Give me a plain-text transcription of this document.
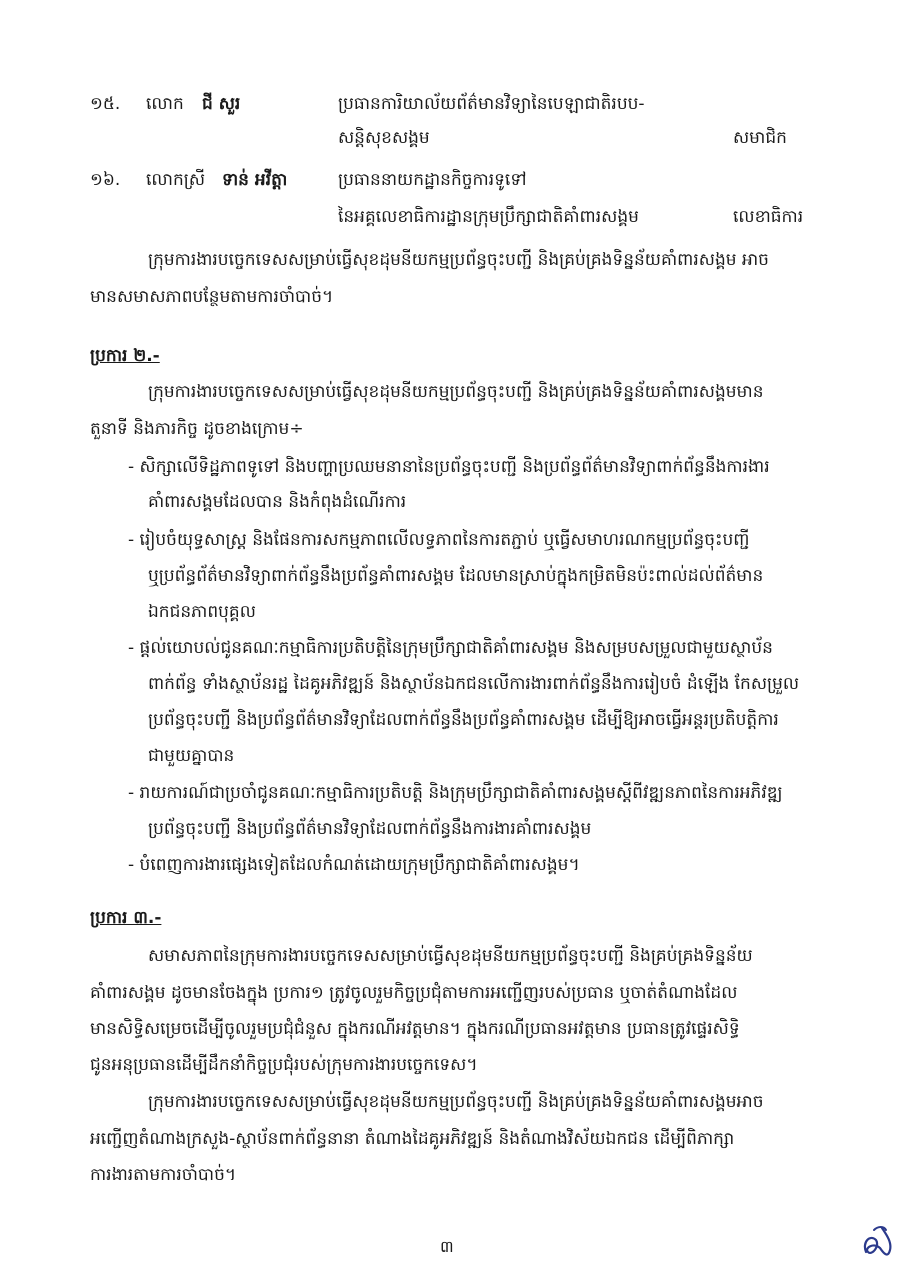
១៥. លោក ជី សួរ	ប្រធានការិយាល័យព័ត៌មានវិទ្យានៃបេឡាជាតិរបប-
សន្តិសុខសង្គម	សមាជិក
១៦. លោកស្រី ទាន់ អវីត្តា	ប្រធាននាយកដ្ឋានកិច្ចការទូទៅ
នៃអគ្គលេខាធិការដ្ឋានក្រុមប្រឹក្សាជាតិគាំពារសង្គម	លេខាធិការ
ក្រុមការងារបច្ចេកទេសសម្រាប់ធ្វើសុខដុមនីយកម្មប្រព័ន្ធចុះបញ្ជី និងគ្រប់គ្រងទិន្នន័យគាំពារសង្គម អាច
មានសមាសភាពបន្ថែមតាមការចាំបាច់។
ប្រការ ២.-
ក្រុមការងារបច្ចេកទេសសម្រាប់ធ្វើសុខដុមនីយកម្មប្រព័ន្ធចុះបញ្ជី និងគ្រប់គ្រងទិន្នន័យគាំពារសង្គមមាន
តួនាទី និងភារកិច្ច ដូចខាងក្រោម÷
- សិក្សាលើទិដ្ឋភាពទូទៅ និងបញ្ហាប្រឈមនានានៃប្រព័ន្ធចុះបញ្ជី និងប្រព័ន្ធព័ត៌មានវិទ្យាពាក់ព័ន្ធនឹងការងារ
គាំពារសង្គមដែលបាន និងកំពុងដំណើរការ
- រៀបចំយុទ្ធសាស្ត្រ និងផែនការសកម្មភាពលើលទ្ធភាពនៃការតភ្ជាប់ ឬធ្វើសមាហរណកម្មប្រព័ន្ធចុះបញ្ជី
ឬប្រព័ន្ធព័ត៌មានវិទ្យាពាក់ព័ន្ធនឹងប្រព័ន្ធគាំពារសង្គម ដែលមានស្រាប់ក្នុងកម្រិតមិនប៉ះពាល់ដល់ព័ត៌មាន
ឯកជនភាពបុគ្គល
- ផ្តល់យោបល់ជូនគណៈកម្មាធិការប្រតិបត្តិនៃក្រុមប្រឹក្សាជាតិគាំពារសង្គម និងសម្របសម្រួលជាមួយស្ថាប័ន
ពាក់ព័ន្ធ ទាំងស្ថាប័នរដ្ឋ ដៃគូអភិវឌ្ឍន៍ និងស្ថាប័នឯកជនលើការងារពាក់ព័ន្ធនឹងការរៀបចំ ដំឡើង កែសម្រួល
ប្រព័ន្ធចុះបញ្ជី និងប្រព័ន្ធព័ត៌មានវិទ្យាដែលពាក់ព័ន្ធនឹងប្រព័ន្ធគាំពារសង្គម ដើម្បីឱ្យអាចធ្វើអន្តរប្រតិបត្តិការ
ជាមួយគ្នាបាន
- រាយការណ៍ជាប្រចាំជូនគណៈកម្មាធិការប្រតិបត្តិ និងក្រុមប្រឹក្សាជាតិគាំពារសង្គមស្តីពីវឌ្ឍនភាពនៃការអភិវឌ្ឍ
ប្រព័ន្ធចុះបញ្ជី និងប្រព័ន្ធព័ត៌មានវិទ្យាដែលពាក់ព័ន្ធនឹងការងារគាំពារសង្គម
- បំពេញការងារផ្សេងទៀតដែលកំណត់ដោយក្រុមប្រឹក្សាជាតិគាំពារសង្គម។
ប្រការ ៣.-
សមាសភាពនៃក្រុមការងារបច្ចេកទេសសម្រាប់ធ្វើសុខដុមនីយកម្មប្រព័ន្ធចុះបញ្ជី និងគ្រប់គ្រងទិន្នន័យ
គាំពារសង្គម ដូចមានចែងក្នុង ប្រការ១ ត្រូវចូលរួមកិច្ចប្រជុំតាមការអញ្ជើញរបស់ប្រធាន ឬចាត់តំណាងដែល
មានសិទ្ធិសម្រេចដើម្បីចូលរួមប្រជុំជំនួស ក្នុងករណីអវត្តមាន។ ក្នុងករណីប្រធានអវត្តមាន ប្រធានត្រូវផ្ទេរសិទ្ធិ
ជូនអនុប្រធានដើម្បីដឹកនាំកិច្ចប្រជុំរបស់ក្រុមការងារបច្ចេកទេស។
ក្រុមការងារបច្ចេកទេសសម្រាប់ធ្វើសុខដុមនីយកម្មប្រព័ន្ធចុះបញ្ជី និងគ្រប់គ្រងទិន្នន័យគាំពារសង្គមអាច
អញ្ជើញតំណាងក្រសួង-ស្ថាប័នពាក់ព័ន្ធនានា តំណាងដៃគូអភិវឌ្ឍន៍ និងតំណាងវិស័យឯកជន ដើម្បីពិភាក្សា
ការងារតាមការចាំបាច់។
៣
